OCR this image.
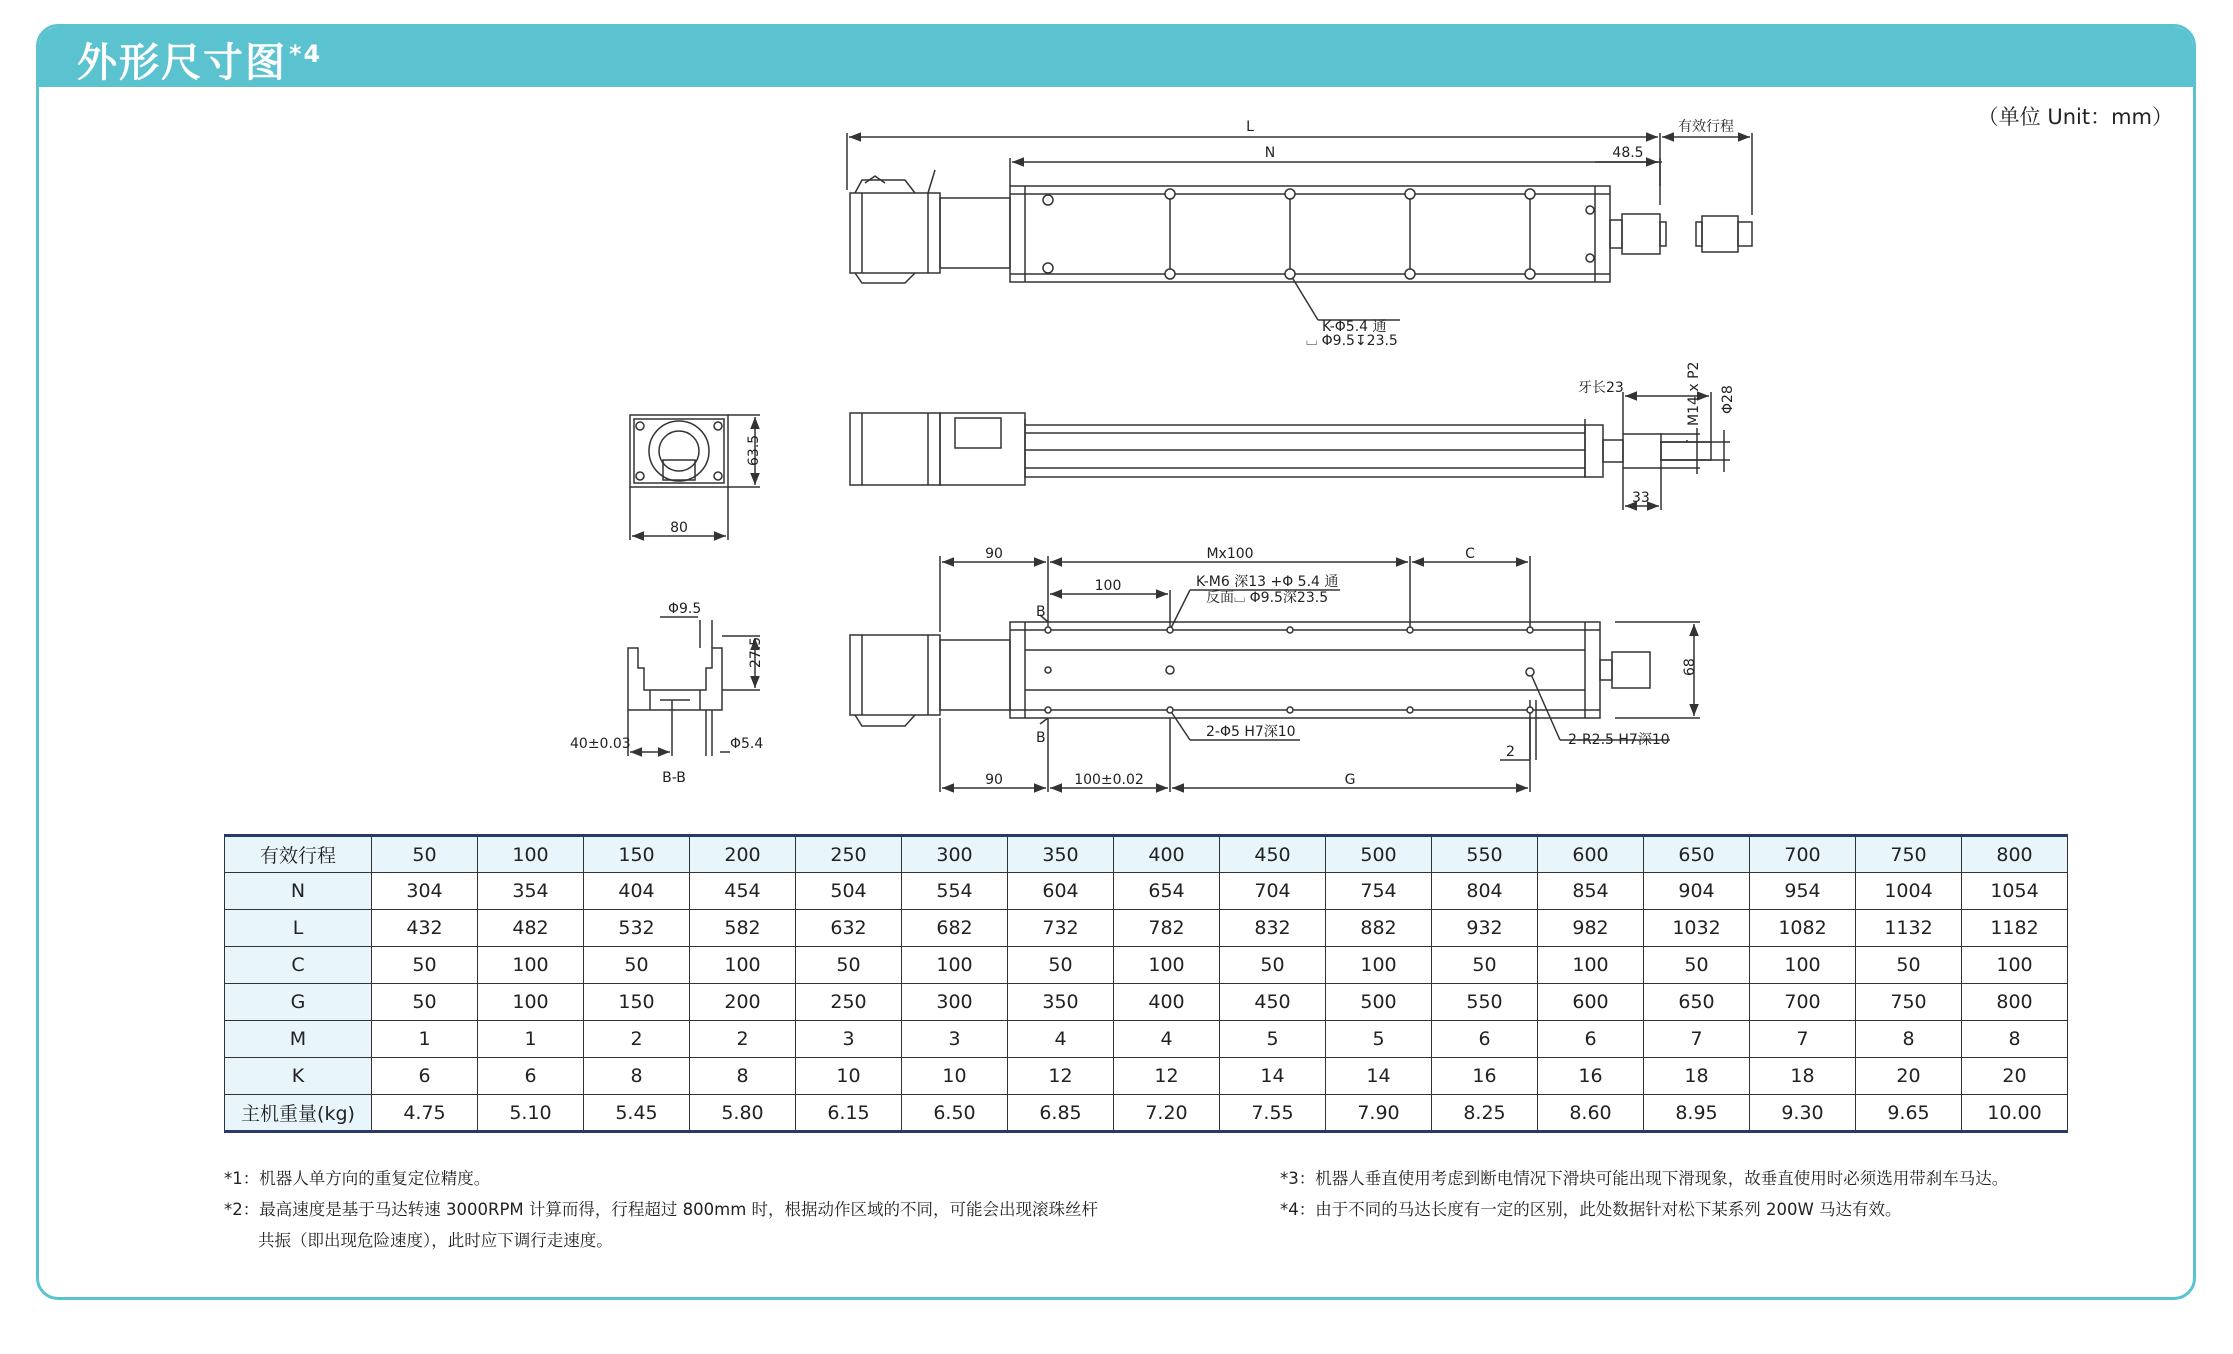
外形尺寸图$^{*4}$
（单位 Unit：mm）
L
N
有效行程
48.5
K-Φ5.4 通
⌴ Φ9.5↧23.5
牙长23	M14 x P2 Φ28
33
63.5
80
Φ9.5
27.5
40±0.03	Φ5.4
B-B
90	Mx100	C
100	K-M6 深13 +Φ 5.4 通
反面⌴ Φ9.5深23.5
B
B
68
2-Φ5 H7深10	2-R2.5 H7深10
2
90	100±0.02	G
有效行程	50	100	150	200	250	300	350	400	450	500	550	600	650	700	750	800
N	304	354	404	454	504	554	604	654	704	754	804	854	904	954	1004	1054
L	432	482	532	582	632	682	732	782	832	882	932	982	1032	1082	1132	1182
C	50	100	50	100	50	100	50	100	50	100	50	100	50	100	50	100
G	50	100	150	200	250	300	350	400	450	500	550	600	650	700	750	800
M	1	1	2	2	3	3	4	4	5	5	6	6	7	7	8	8
K	6	6	8	8	10	10	12	12	14	14	16	16	18	18	20	20
主机重量(kg)	4.75	5.10	5.45	5.80	6.15	6.50	6.85	7.20	7.55	7.90	8.25	8.60	8.95	9.30	9.65	10.00
*1：机器人单方向的重复定位精度。
*2：最高速度是基于马达转速 3000RPM 计算而得，行程超过 800mm 时，根据动作区域的不同，可能会出现滚珠丝杆
共振（即出现危险速度），此时应下调行走速度。
*3：机器人垂直使用考虑到断电情况下滑块可能出现下滑现象，故垂直使用时必须选用带刹车马达。
*4：由于不同的马达长度有一定的区别，此处数据针对松下某系列 200W 马达有效。
